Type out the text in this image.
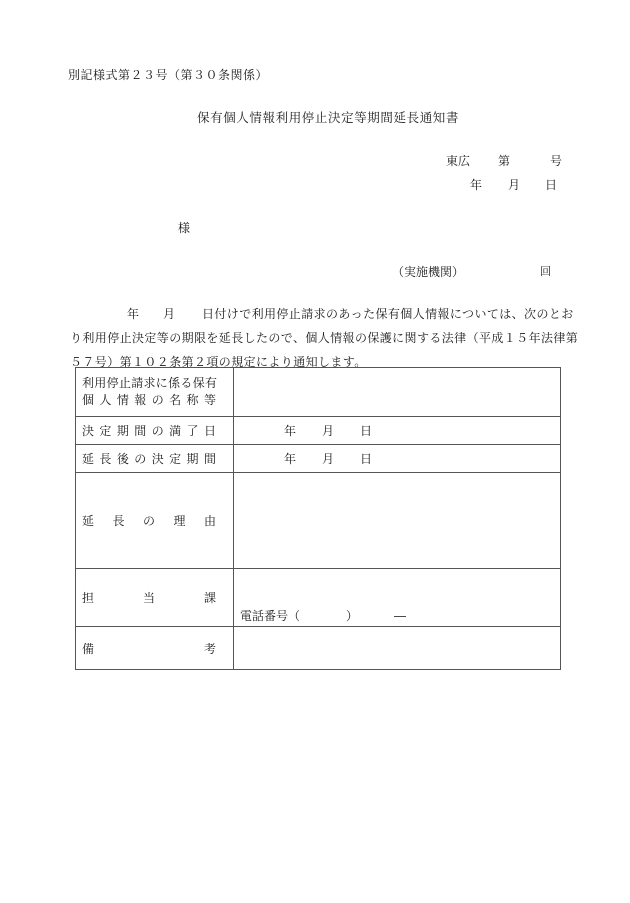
別記様式第２３号（第３０条関係）
保有個人情報利用停止決定等期間延長通知書
東広 第	号
年 月 日
様
（実施機関）	回
年 月 日付けで利用停止請求のあった保有個人情報については、次のとお
り利用停止決定等の期限を延長したので、個人情報の保護に関する法律（平成１５年法律第
５７号）第１０２条第２項の規定により通知します。
利用停止請求に係る保有
個 人 情 報 の 名 称 等

決 定 期 間 の 満 了 日	年 月 日

延 長 後 の 決 定 期 間	年 月 日

延 長 の 理 由	

担 当 課	電話番号（ ） ―

備 考	
